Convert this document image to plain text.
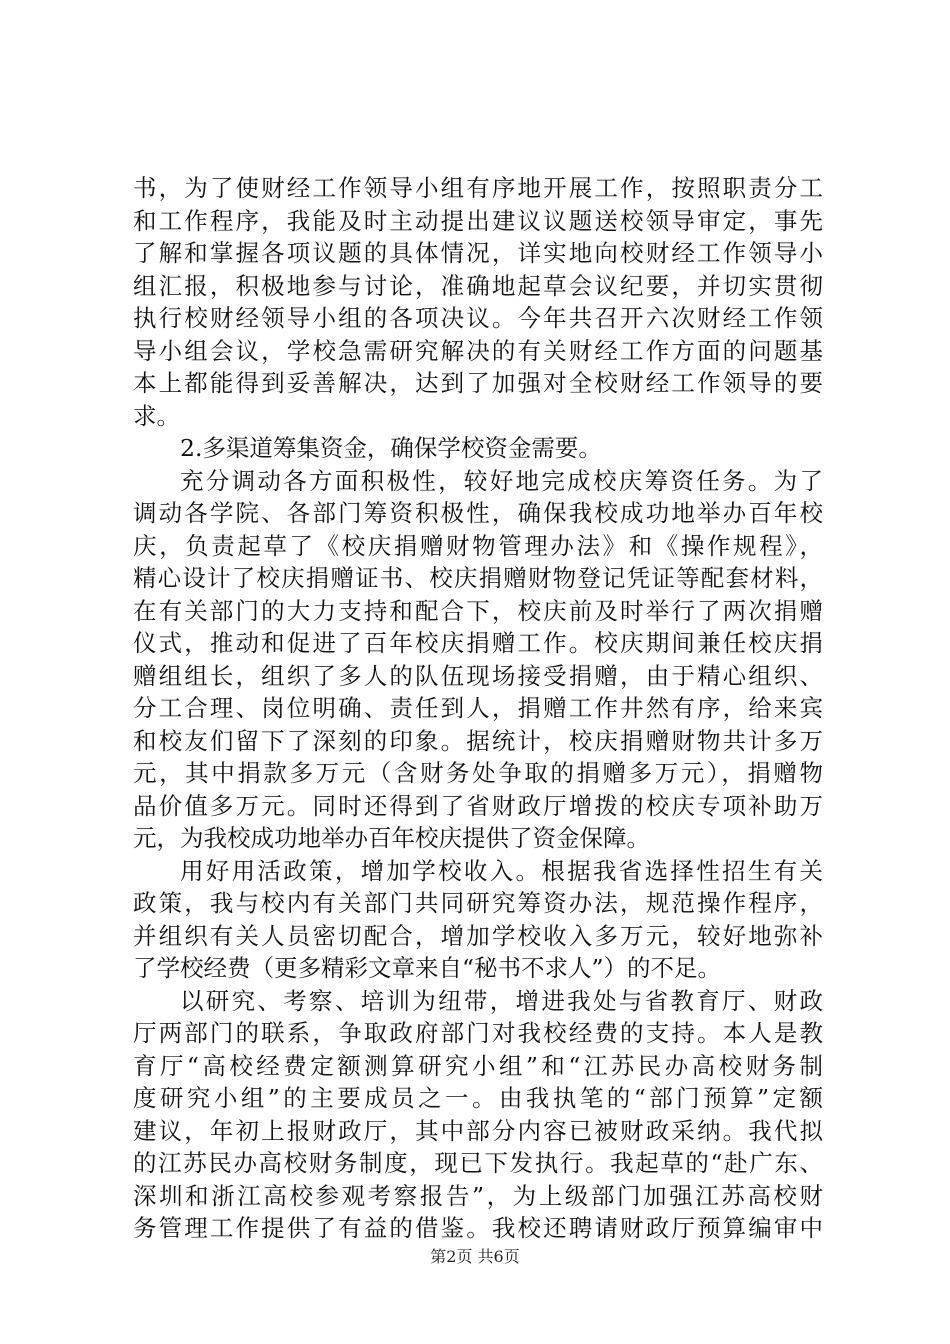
书，为了使财经工作领导小组有序地开展工作，按照职责分工
和工作程序，我能及时主动提出建议议题送校领导审定，事先
了解和掌握各项议题的具体情况，详实地向校财经工作领导小
组汇报，积极地参与讨论，准确地起草会议纪要，并切实贯彻
执行校财经领导小组的各项决议。今年共召开六次财经工作领
导小组会议，学校急需研究解决的有关财经工作方面的问题基
本上都能得到妥善解决，达到了加强对全校财经工作领导的要
求。
2.多渠道筹集资金，确保学校资金需要。
充分调动各方面积极性，较好地完成校庆筹资任务。为了
调动各学院、各部门筹资积极性，确保我校成功地举办百年校
庆，负责起草了《校庆捐赠财物管理办法》和《操作规程》，
精心设计了校庆捐赠证书、校庆捐赠财物登记凭证等配套材料，
在有关部门的大力支持和配合下，校庆前及时举行了两次捐赠
仪式，推动和促进了百年校庆捐赠工作。校庆期间兼任校庆捐
赠组组长，组织了多人的队伍现场接受捐赠，由于精心组织、
分工合理、岗位明确、责任到人，捐赠工作井然有序，给来宾
和校友们留下了深刻的印象。据统计，校庆捐赠财物共计多万
元，其中捐款多万元（含财务处争取的捐赠多万元），捐赠物
品价值多万元。同时还得到了省财政厅增拨的校庆专项补助万
元，为我校成功地举办百年校庆提供了资金保障。
用好用活政策，增加学校收入。根据我省选择性招生有关
政策，我与校内有关部门共同研究筹资办法，规范操作程序，
并组织有关人员密切配合，增加学校收入多万元，较好地弥补
了学校经费（更多精彩文章来自“秘书不求人”）的不足。
以研究、考察、培训为纽带，增进我处与省教育厅、财政
厅两部门的联系，争取政府部门对我校经费的支持。本人是教
育厅“高校经费定额测算研究小组”和“江苏民办高校财务制
度研究小组”的主要成员之一。由我执笔的“部门预算”定额
建议，年初上报财政厅，其中部分内容已被财政采纳。我代拟
的江苏民办高校财务制度，现已下发执行。我起草的“赴广东、
深圳和浙江高校参观考察报告”，为上级部门加强江苏高校财
务管理工作提供了有益的借鉴。我校还聘请财政厅预算编审中
第2页 共6页
